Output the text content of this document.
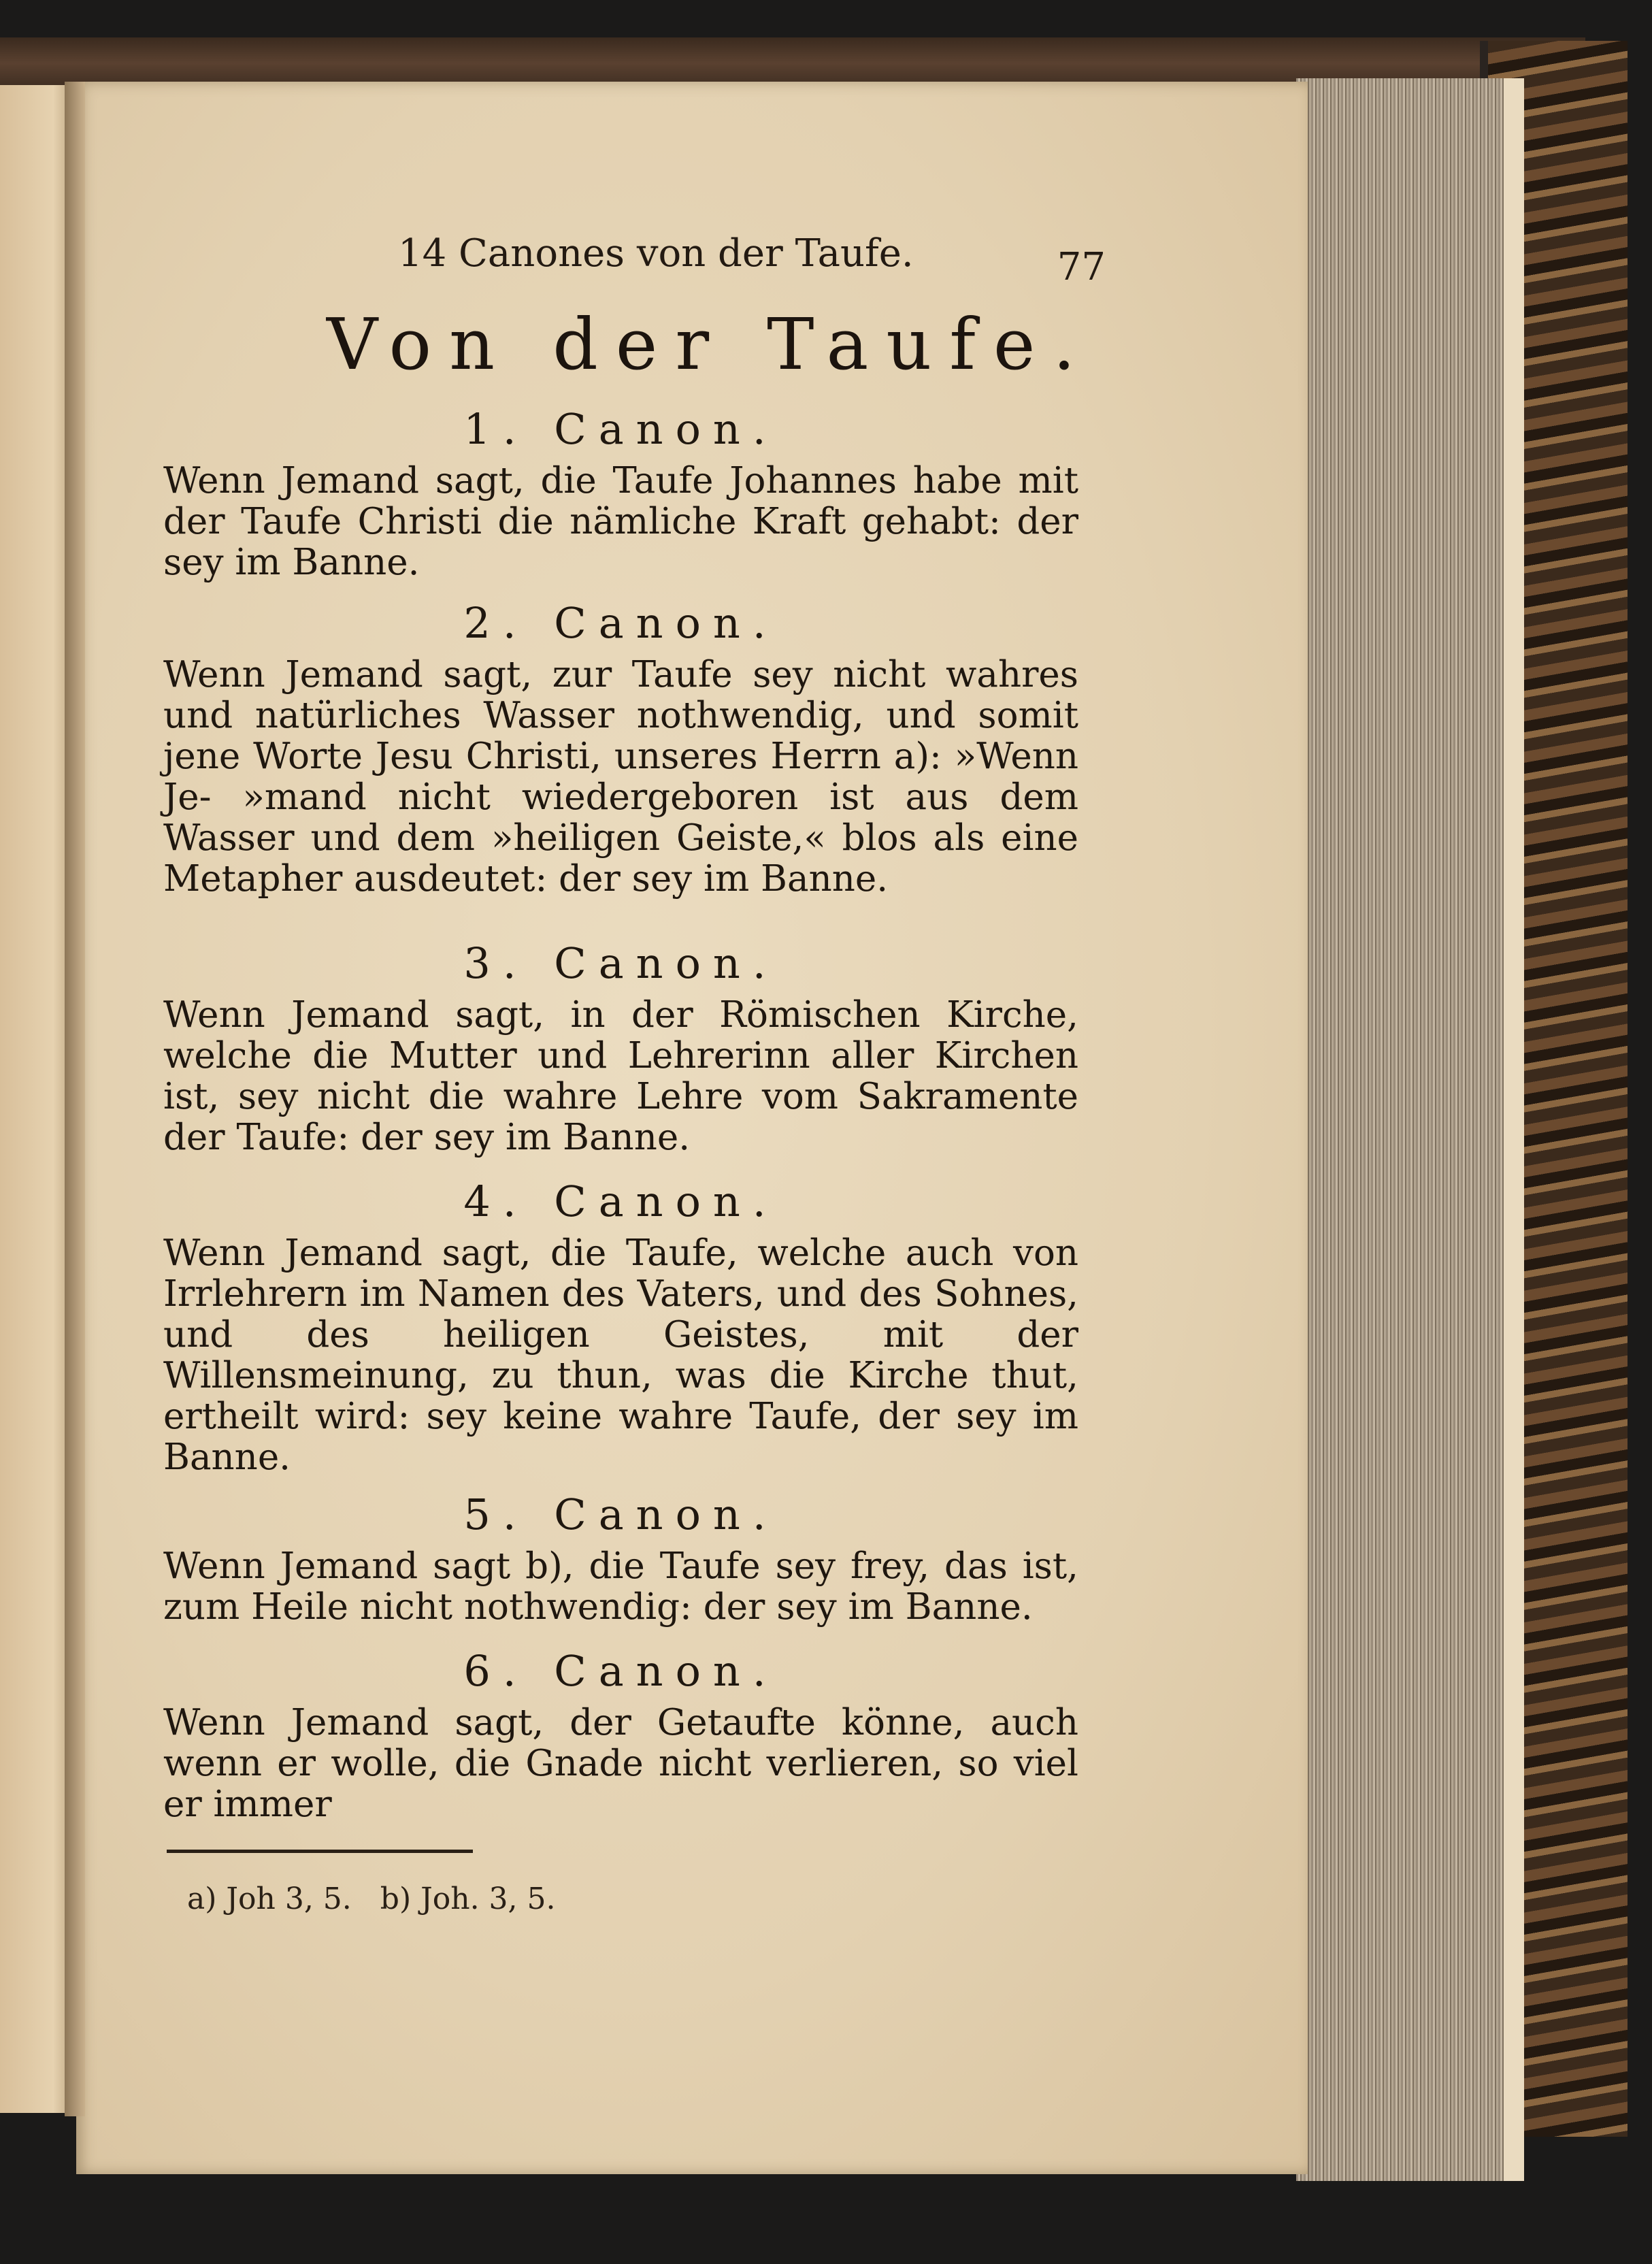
14 Canones von der Taufe.	77
Von der Taufe.
1. Canon.

Wenn Jemand sagt, die Taufe Johannes habe mit der Taufe Christi die nämliche Kraft gehabt: der sey im Banne.

2. Canon.

Wenn Jemand sagt, zur Taufe sey nicht wahres und natürliches Wasser nothwendig, und somit jene Worte Jesu Christi, unseres Herrn a): »Wenn Je- »mand nicht wiedergeboren ist aus dem Wasser und dem »heiligen Geiste,« blos als eine Metapher ausdeutet: der sey im Banne.

3. Canon.

Wenn Jemand sagt, in der Römischen Kirche, welche die Mutter und Lehrerinn aller Kirchen ist, sey nicht die wahre Lehre vom Sakramente der Taufe: der sey im Banne.

4. Canon.

Wenn Jemand sagt, die Taufe, welche auch von Irrlehrern im Namen des Vaters, und des Sohnes, und des heiligen Geistes, mit der Willensmeinung, zu thun, was die Kirche thut, ertheilt wird: sey keine wahre Taufe, der sey im Banne.

5. Canon.

Wenn Jemand sagt b), die Taufe sey frey, das ist, zum Heile nicht nothwendig: der sey im Banne.

6. Canon.

Wenn Jemand sagt, der Getaufte könne, auch wenn er wolle, die Gnade nicht verlieren, so viel er immer

a) Joh 3, 5. b) Joh. 3, 5.
